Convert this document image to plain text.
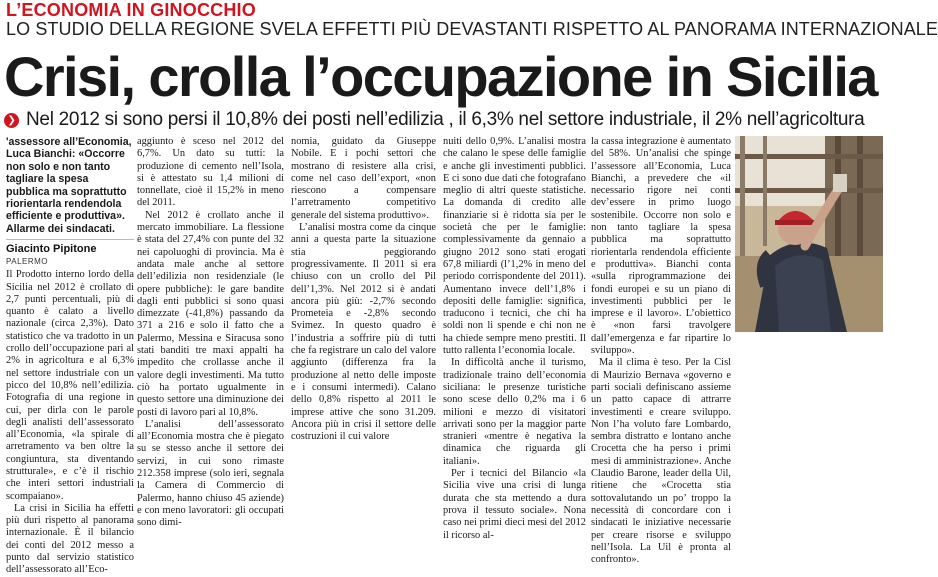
L’ECONOMIA IN GINOCCHIO
LO STUDIO DELLA REGIONE SVELA EFFETTI PIÙ DEVASTANTI RISPETTO AL PANORAMA INTERNAZIONALE
Crisi, crolla l’occupazione in Sicilia
❯ Nel 2012 si sono persi il 10,8% dei posti nell’edilizia , il 6,3% nel settore industriale, il 2% nell’agricoltura
'assessore all’Economia, Luca Bianchi: «Occorre non solo e non tanto tagliare la spesa pubblica ma soprattutto riorientarla rendendola efficiente e produttiva». Allarme dei sindacati.
Giacinto Pipitone
PALERMO

Il Prodotto interno lordo della Sicilia nel 2012 è crollato di 2,7 punti percentuali, più di quanto è calato a livello nazionale (circa 2,3%). Dato statistico che va tradotto in un crollo dell’occupazione pari al 2% in agricoltura e al 6,3% nel settore industriale con un picco del 10,8% nell’edilizia. Fotografia di una regione in cui, per dirla con le parole degli analisti dell’assessorato all’Economia, «la spirale di arretramento va ben oltre la congiuntura, sta diventando strutturale», e c’è il rischio che interi settori industriali scompaiano».

La crisi in Sicilia ha effetti più duri rispetto al panorama internazionale. È il bilancio dei conti del 2012 messo a punto dal servizio statistico dell’assessorato all’Eco-

aggiunto è sceso nel 2012 del 6,7%. Un dato su tutti: la produzione di cemento nell’Isola, si è attestato su 1,4 milioni di tonnellate, cioè il 15,2% in meno del 2011.

Nel 2012 è crollato anche il mercato immobiliare. La flessione è stata del 27,4% con punte del 32 nei capoluoghi di provincia. Ma è andata male anche al settore dell’edilizia non residenziale (le opere pubbliche): le gare bandite dagli enti pubblici si sono quasi dimezzate (-41,8%) passando da 371 a 216 e solo il fatto che a Palermo, Messina e Siracusa sono stati banditi tre maxi appalti ha impedito che crollasse anche il valore degli investimenti. Ma tutto ciò ha portato ugualmente in questo settore una diminuzione dei posti di lavoro pari al 10,8%.

L’analisi dell’assessorato all’Economia mostra che è piegato su se stesso anche il settore dei servizi, in cui sono rimaste 212.358 imprese (solo ieri, segnala la Camera di Commercio di Palermo, hanno chiuso 45 aziende) e con meno lavoratori: gli occupati sono dimi-

nomia, guidato da Giuseppe Nobile. E i pochi settori che mostrano di resistere alla crisi, come nel caso dell’export, «non riescono a compensare l’arretramento competitivo generale del sistema produttivo».

L’analisi mostra come da cinque anni a questa parte la situazione stia peggiorando progressivamente. Il 2011 si era chiuso con un crollo del Pil dell’1,3%. Nel 2012 si è andati ancora più giù: -2,7% secondo Prometeia e -2,8% secondo Svimez. In questo quadro è l’industria a soffrire più di tutti che fa registrare un calo del valore aggiunto (differenza fra la produzione al netto delle imposte e i consumi intermedi). Calano dello 0,8% rispetto al 2011 le imprese attive che sono 31.209. Ancora più in crisi il settore delle costruzioni il cui valore

nuiti dello 0,9%. L’analisi mostra che calano le spese delle famiglie e anche gli investimenti pubblici. E ci sono due dati che fotografano meglio di altri queste statistiche. La domanda di credito alle finanziarie si è ridotta sia per le società che per le famiglie: complessivamente da gennaio a giugno 2012 sono stati erogati 67,8 miliardi (l’1,2% in meno del periodo corrispondente del 2011). Aumentano invece dell’1,8% i depositi delle famiglie: significa, traducono i tecnici, che chi ha soldi non li spende e chi non ne ha chiede sempre meno prestiti. Il tutto rallenta l’economia locale.

In difficoltà anche il turismo, tradizionale traino dell’economia siciliana: le presenze turistiche sono scese dello 0,2% ma i 6 milioni e mezzo di visitatori arrivati sono per la maggior parte stranieri «mentre è negativa la dinamica che riguarda gli italiani».

Per i tecnici del Bilancio «la Sicilia vive una crisi di lunga durata che sta mettendo a dura prova il tessuto sociale». Nona caso nei primi dieci mesi del 2012 il ricorso al-

la cassa integrazione è aumentato del 58%. Un’analisi che spinge l’assessore all’Economia, Luca Bianchi, a prevedere che «il necessario rigore nei conti dev’essere in primo luogo sostenibile. Occorre non solo e non tanto tagliare la spesa pubblica ma soprattutto riorientarla rendendola efficiente e produttiva». Bianchi conta «sulla riprogrammazione dei fondi europei e su un piano di investimenti pubblici per le imprese e il lavoro». L’obiettico è «non farsi travolgere dall’emergenza e far ripartire lo sviluppo».

Ma il clima è teso. Per la Cisl di Maurizio Bernava «governo e parti sociali definiscano assieme un patto capace di attrarre investimenti e creare sviluppo. Non l’ha voluto fare Lombardo, sembra distratto e lontano anche Crocetta che ha perso i primi mesi di amministrazione». Anche Claudio Barone, leader della Uil, ritiene che «Crocetta stia sottovalutando un po’ troppo la necessità di concordare con i sindacati le iniziative necessarie per creare risorse e sviluppo nell’Isola. La Uil è pronta al confronto».
